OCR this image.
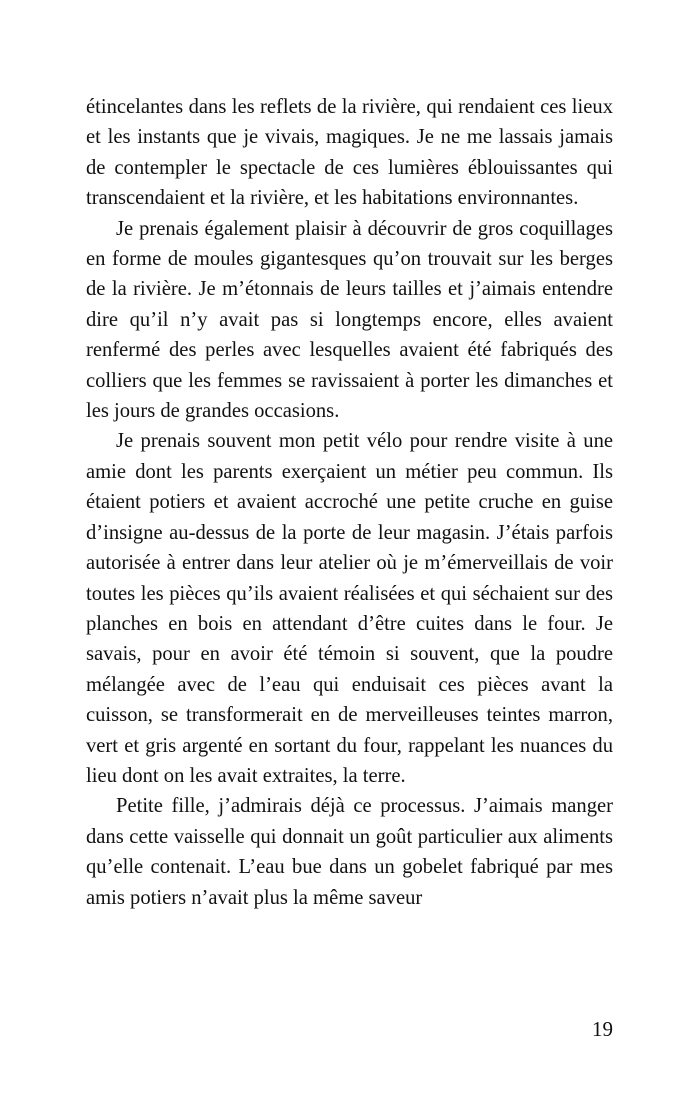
étincelantes dans les reflets de la rivière, qui rendaient ces lieux et les instants que je vivais, magiques. Je ne me lassais jamais de contempler le spectacle de ces lumières éblouissantes qui transcendaient et la rivière, et les habitations environnantes.

Je prenais également plaisir à découvrir de gros coquillages en forme de moules gigantesques qu’on trouvait sur les berges de la rivière. Je m’étonnais de leurs tailles et j’aimais entendre dire qu’il n’y avait pas si longtemps encore, elles avaient renfermé des perles avec lesquelles avaient été fabriqués des colliers que les femmes se ravissaient à porter les dimanches et les jours de grandes occasions.

Je prenais souvent mon petit vélo pour rendre visite à une amie dont les parents exerçaient un métier peu commun. Ils étaient potiers et avaient accroché une petite cruche en guise d’insigne au-dessus de la porte de leur magasin. J’étais parfois autorisée à entrer dans leur atelier où je m’émerveillais de voir toutes les pièces qu’ils avaient réalisées et qui séchaient sur des planches en bois en attendant d’être cuites dans le four. Je savais, pour en avoir été témoin si souvent, que la poudre mélangée avec de l’eau qui enduisait ces pièces avant la cuisson, se transformerait en de merveilleuses teintes marron, vert et gris argenté en sortant du four, rappelant les nuances du lieu dont on les avait extraites, la terre.

Petite fille, j’admirais déjà ce processus. J’aimais manger dans cette vaisselle qui donnait un goût particulier aux aliments qu’elle contenait. L’eau bue dans un gobelet fabriqué par mes amis potiers n’avait plus la même saveur

19
